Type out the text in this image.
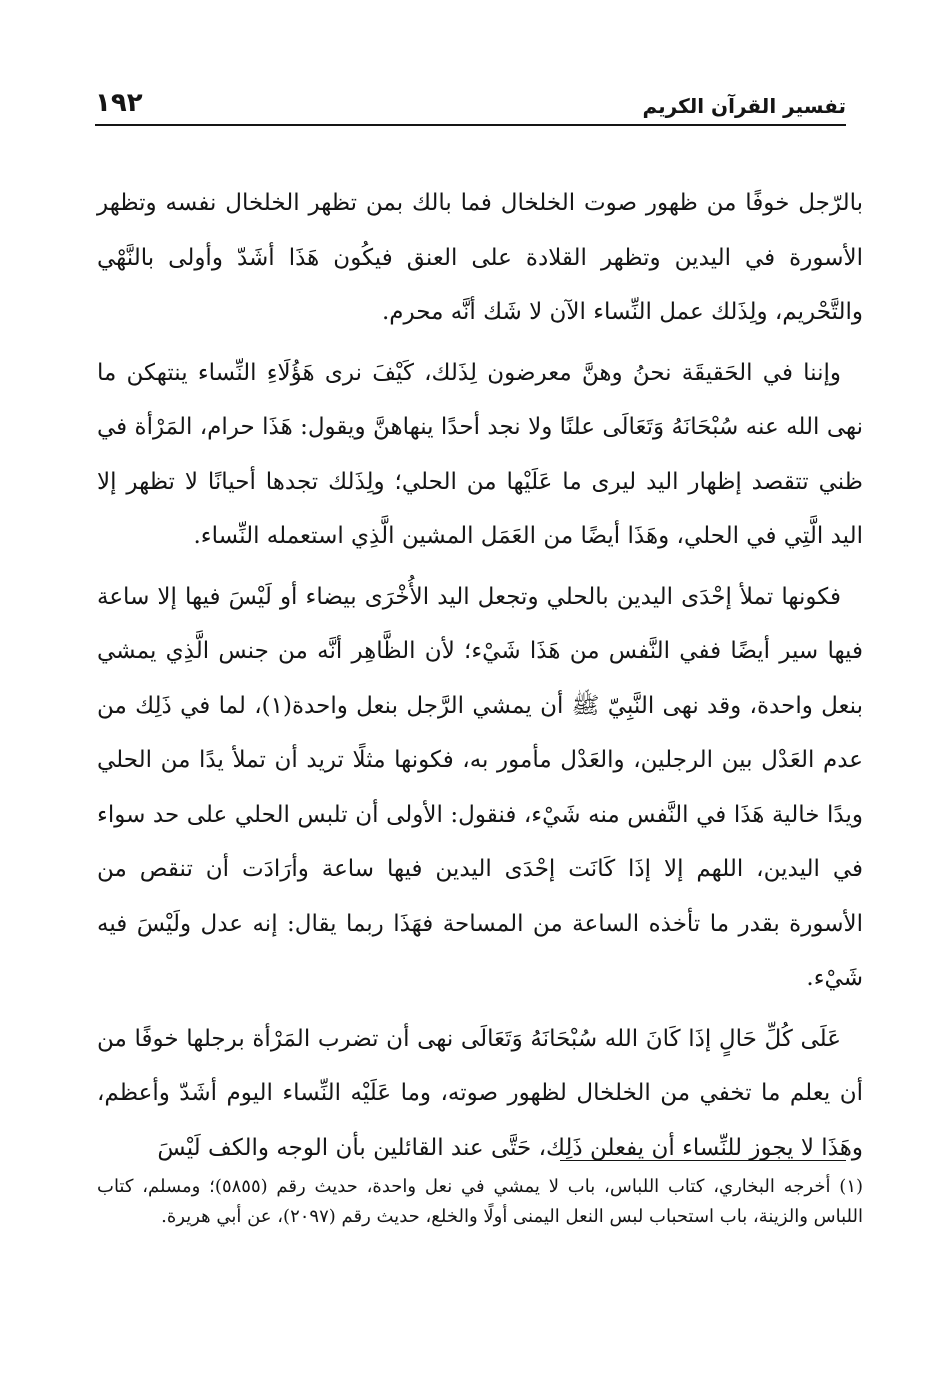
تفسير القرآن الكريم
١٩٢

بالرّجل خوفًا من ظهور صوت الخلخال فما بالك بمن تظهر الخلخال نفسه وتظهر الأسورة في اليدين وتظهر القلادة على العنق فيكُون هَذَا أشَدّ وأولى بالنَّهْي والتَّحْريم، ولِذَلك عمل النِّساء الآن لا شَك أنَّه محرم.

وإننا في الحَقيقَة نحنُ وهنَّ معرضون لِذَلك، كَيْفَ نرى هَؤُلَاءِ النِّساء ينتهكن ما نهى الله عنه سُبْحَانَهُ وَتَعَالَى علنًا ولا نجد أحدًا ينهاهنَّ ويقول: هَذَا حرام، المَرْأة في ظني تتقصد إظهار اليد ليرى ما عَلَيْها من الحلي؛ ولِذَلك تجدها أحيانًا لا تظهر إلا اليد الَّتِي في الحلي، وهَذَا أيضًا من العَمَل المشين الَّذِي استعمله النِّساء.

فكونها تملأ إحْدَى اليدين بالحلي وتجعل اليد الأُخْرَى بيضاء أو لَيْسَ فيها إلا ساعة فيها سير أيضًا ففي النَّفس من هَذَا شَيْء؛ لأن الظَّاهِر أنَّه من جنس الَّذِي يمشي بنعل واحدة، وقد نهى النَّبِيّ ﷺ أن يمشي الرَّجل بنعل واحدة(١)، لما في ذَلِك من عدم العَدْل بين الرجلين، والعَدْل مأمور به، فكونها مثلًا تريد أن تملأ يدًا من الحلي ويدًا خالية هَذَا في النَّفس منه شَيْء، فنقول: الأولى أن تلبس الحلي على حد سواء في اليدين، اللهم إلا إذَا كَانَت إحْدَى اليدين فيها ساعة وأرَادَت أن تنقص من الأسورة بقدر ما تأخذه الساعة من المساحة فهَذَا ربما يقال: إنه عدل ولَيْسَ فيه شَيْء.

عَلَى كُلِّ حَالٍ إذَا كَانَ الله سُبْحَانَهُ وَتَعَالَى نهى أن تضرب المَرْأة برجلها خوفًا من أن يعلم ما تخفي من الخلخال لظهور صوته، وما عَلَيْه النِّساء اليوم أشَدّ وأعظم، وهَذَا لا يجوز للنِّساء أن يفعلن ذَلِك، حَتَّى عند القائلين بأن الوجه والكف لَيْسَ

(١) أخرجه البخاري، كتاب اللباس، باب لا يمشي في نعل واحدة، حديث رقم (٥٨٥٥)؛ ومسلم، كتاب اللباس والزينة، باب استحباب لبس النعل اليمنى أولًا والخلع، حديث رقم (٢٠٩٧)، عن أبي هريرة.
